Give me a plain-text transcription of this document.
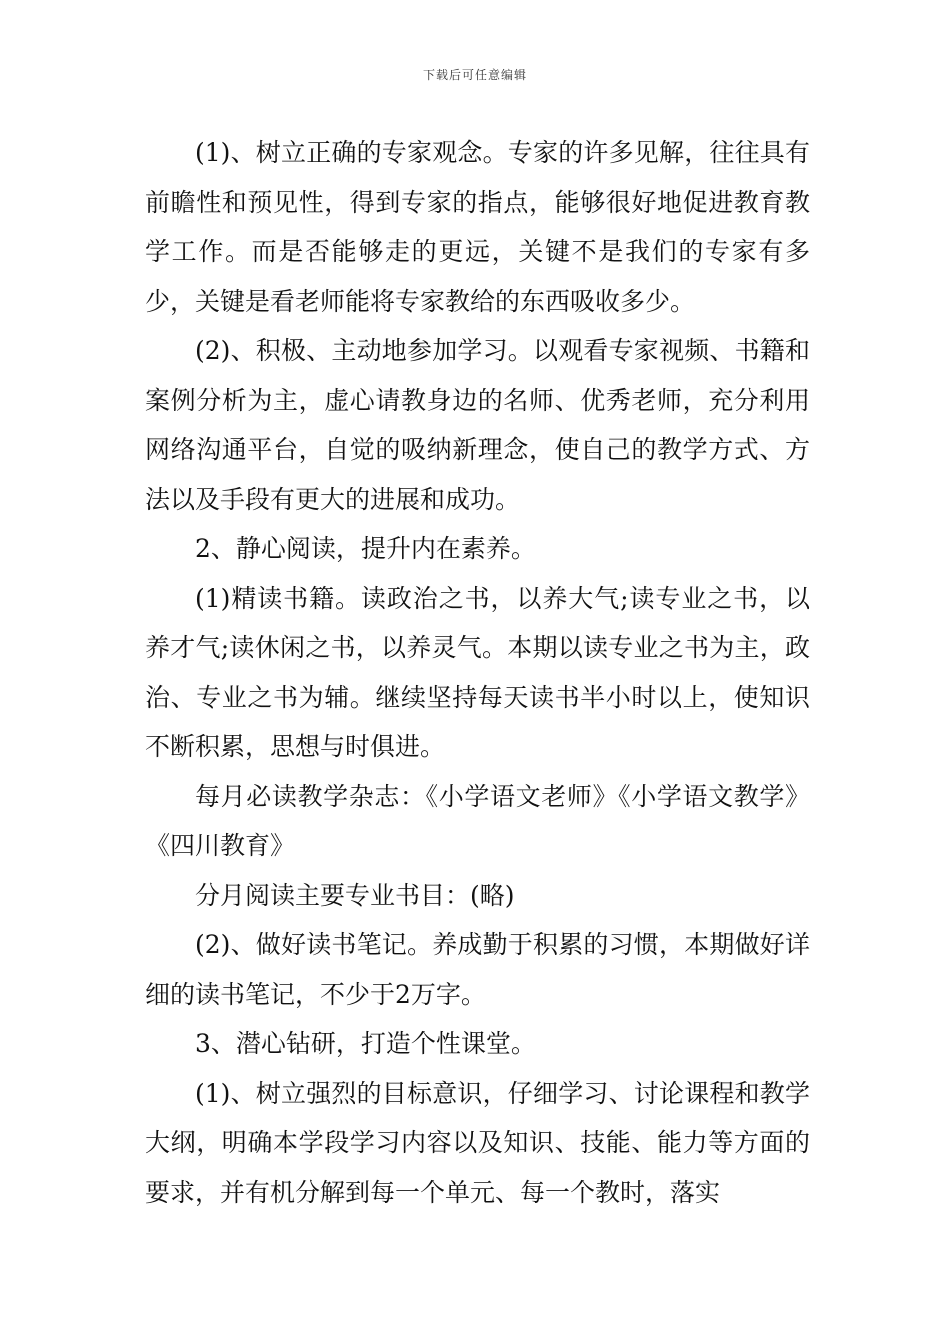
下载后可任意编辑

(1)、树立正确的专家观念。专家的许多见解，往往具有前瞻性和预见性，得到专家的指点，能够很好地促进教育教学工作。而是否能够走的更远，关键不是我们的专家有多少，关键是看老师能将专家教给的东西吸收多少。

(2)、积极、主动地参加学习。以观看专家视频、书籍和案例分析为主，虚心请教身边的名师、优秀老师，充分利用网络沟通平台，自觉的吸纳新理念，使自己的教学方式、方法以及手段有更大的进展和成功。

2、静心阅读，提升内在素养。

(1)精读书籍。读政治之书，以养大气;读专业之书，以养才气;读休闲之书，以养灵气。本期以读专业之书为主，政治、专业之书为辅。继续坚持每天读书半小时以上，使知识不断积累，思想与时俱进。

每月必读教学杂志：《小学语文老师》《小学语文教学》《四川教育》

分月阅读主要专业书目：(略)

(2)、做好读书笔记。养成勤于积累的习惯，本期做好详细的读书笔记，不少于2万字。

3、潜心钻研，打造个性课堂。

(1)、树立强烈的目标意识，仔细学习、讨论课程和教学大纲，明确本学段学习内容以及知识、技能、能力等方面的要求，并有机分解到每一个单元、每一个教时，落实
